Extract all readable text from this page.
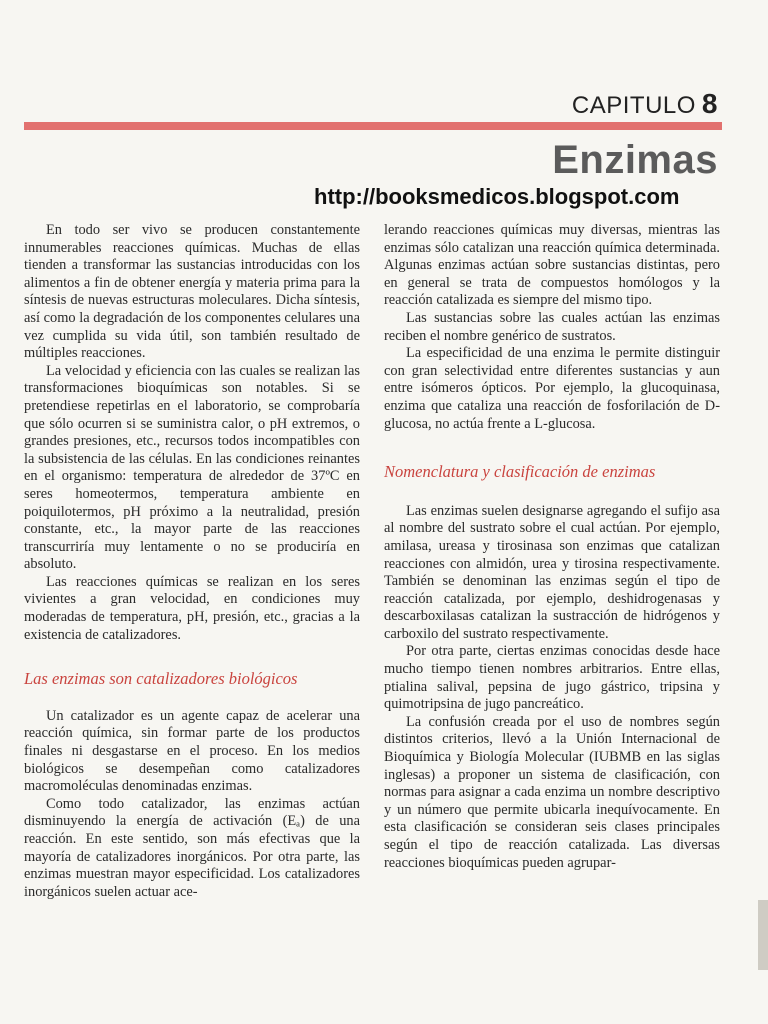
CAPITULO 8
Enzimas
http://booksmedicos.blogspot.com

En todo ser vivo se producen constantemente innumerables reacciones químicas. Muchas de ellas tienden a transformar las sustancias introducidas con los alimentos a fin de obtener energía y materia prima para la síntesis de nuevas estructuras moleculares. Dicha síntesis, así como la degradación de los componentes celulares una vez cumplida su vida útil, son también resultado de múltiples reacciones.

La velocidad y eficiencia con las cuales se realizan las transformaciones bioquímicas son notables. Si se pretendiese repetirlas en el laboratorio, se comprobaría que sólo ocurren si se suministra calor, o pH extremos, o grandes presiones, etc., recursos todos incompatibles con la subsistencia de las células. En las condiciones reinantes en el organismo: temperatura de alrededor de 37ºC en seres homeotermos, temperatura ambiente en poiquilotermos, pH próximo a la neutralidad, presión constante, etc., la mayor parte de las reacciones transcurriría muy lentamente o no se produciría en absoluto.

Las reacciones químicas se realizan en los seres vivientes a gran velocidad, en condiciones muy moderadas de temperatura, pH, presión, etc., gracias a la existencia de catalizadores.

Las enzimas son catalizadores biológicos

Un catalizador es un agente capaz de acelerar una reacción química, sin formar parte de los productos finales ni desgastarse en el proceso. En los medios biológicos se desempeñan como catalizadores macromoléculas denominadas enzimas.

Como todo catalizador, las enzimas actúan disminuyendo la energía de activación (Eₐ) de una reacción. En este sentido, son más efectivas que la mayoría de catalizadores inorgánicos. Por otra parte, las enzimas muestran mayor especificidad. Los catalizadores inorgánicos suelen actuar ace-

lerando reacciones químicas muy diversas, mientras las enzimas sólo catalizan una reacción química determinada. Algunas enzimas actúan sobre sustancias distintas, pero en general se trata de compuestos homólogos y la reacción catalizada es siempre del mismo tipo.

Las sustancias sobre las cuales actúan las enzimas reciben el nombre genérico de sustratos.

La especificidad de una enzima le permite distinguir con gran selectividad entre diferentes sustancias y aun entre isómeros ópticos. Por ejemplo, la glucoquinasa, enzima que cataliza una reacción de fosforilación de D-glucosa, no actúa frente a L-glucosa.

Nomenclatura y clasificación de enzimas

Las enzimas suelen designarse agregando el sufijo asa al nombre del sustrato sobre el cual actúan. Por ejemplo, amilasa, ureasa y tirosinasa son enzimas que catalizan reacciones con almidón, urea y tirosina respectivamente. También se denominan las enzimas según el tipo de reacción catalizada, por ejemplo, deshidrogenasas y descarboxilasas catalizan la sustracción de hidrógenos y carboxilo del sustrato respectivamente.

Por otra parte, ciertas enzimas conocidas desde hace mucho tiempo tienen nombres arbitrarios. Entre ellas, ptialina salival, pepsina de jugo gástrico, tripsina y quimotripsina de jugo pancreático.

La confusión creada por el uso de nombres según distintos criterios, llevó a la Unión Internacional de Bioquímica y Biología Molecular (IUBMB en las siglas inglesas) a proponer un sistema de clasificación, con normas para asignar a cada enzima un nombre descriptivo y un número que permite ubicarla inequívocamente. En esta clasificación se consideran seis clases principales según el tipo de reacción catalizada. Las diversas reacciones bioquímicas pueden agrupar-
